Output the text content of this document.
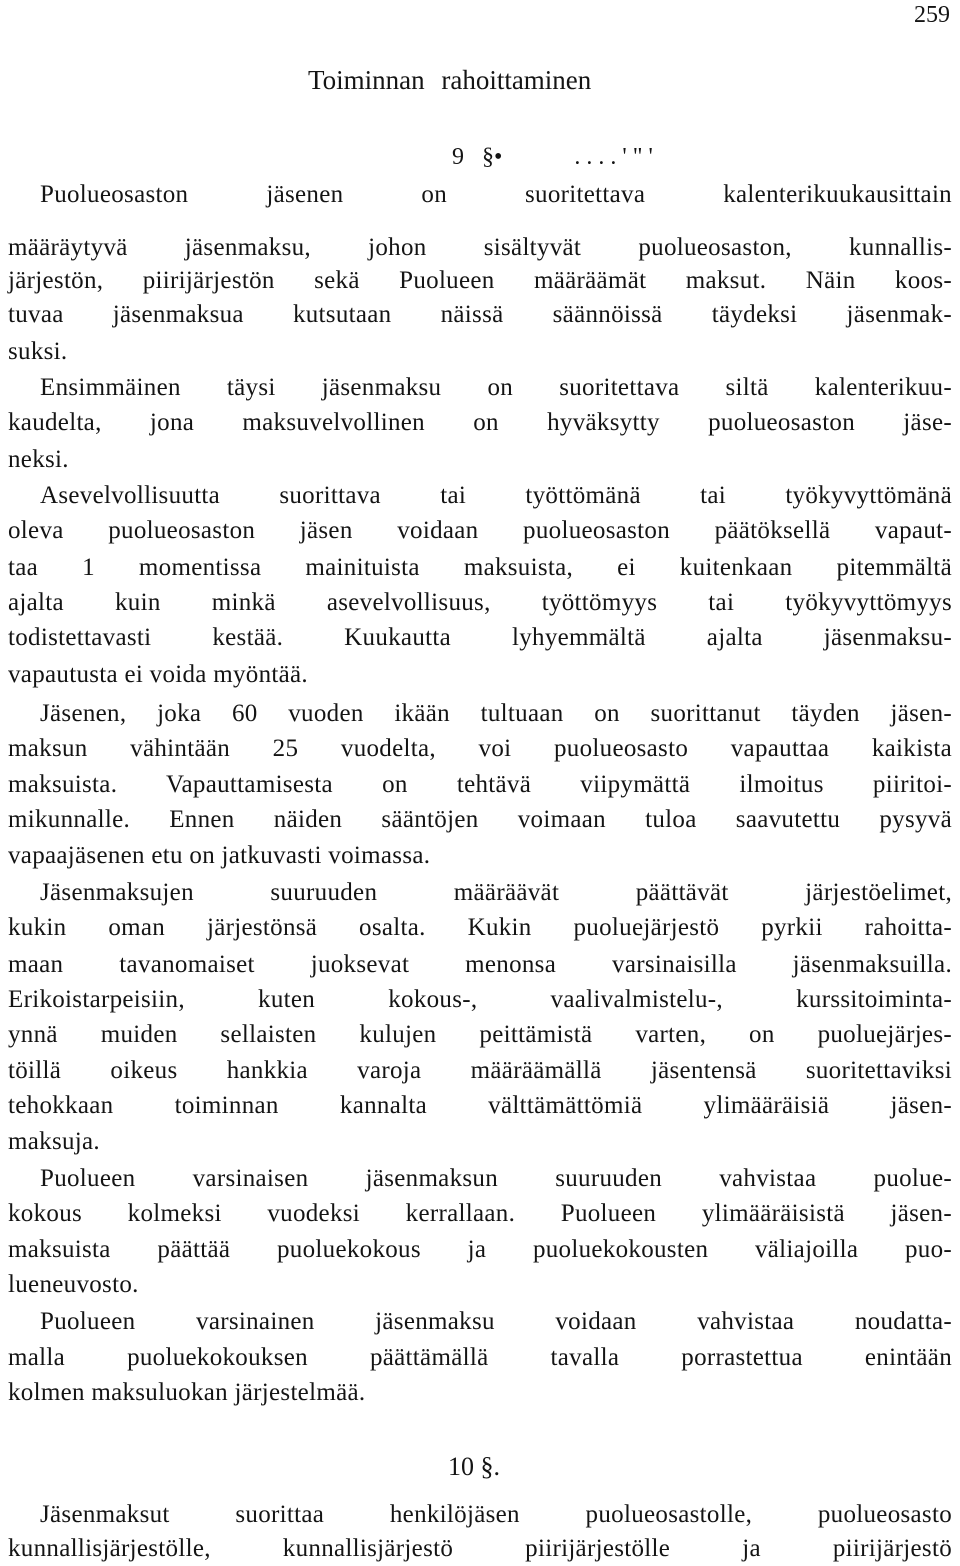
259
Toiminnan rahoittaminen
9   §•            . . . . ' " '
Puolueosaston jäsenen on suoritettava kalenterikuukausittain
määräytyvä jäsenmaksu, johon sisältyvät puolueosaston, kunnallis-
järjestön, piirijärjestön sekä Puolueen määräämät maksut. Näin koos-
tuvaa jäsenmaksua kutsutaan näissä säännöissä täydeksi jäsenmak-
suksi.
Ensimmäinen täysi jäsenmaksu on suoritettava siltä kalenterikuu-
kaudelta, jona maksuvelvollinen on hyväksytty puolueosaston jäse-
neksi.
Asevelvollisuutta suorittava tai työttömänä tai työkyvyttömänä
oleva puolueosaston jäsen voidaan puolueosaston päätöksellä vapaut-
taa 1 momentissa mainituista maksuista, ei kuitenkaan pitemmältä
ajalta kuin minkä asevelvollisuus, työttömyys tai työkyvyttömyys
todistettavasti kestää. Kuukautta lyhyemmältä ajalta jäsenmaksu-
vapautusta ei voida myöntää.
Jäsenen, joka 60 vuoden ikään tultuaan on suorittanut täyden jäsen-
maksun vähintään 25 vuodelta, voi puolueosasto vapauttaa kaikista
maksuista. Vapauttamisesta on tehtävä viipymättä ilmoitus piiritoi-
mikunnalle. Ennen näiden sääntöjen voimaan tuloa saavutettu pysyvä
vapaajäsenen etu on jatkuvasti voimassa.
Jäsenmaksujen suuruuden määräävät päättävät järjestöelimet,
kukin oman järjestönsä osalta. Kukin puoluejärjestö pyrkii rahoitta-
maan tavanomaiset juoksevat menonsa varsinaisilla jäsenmaksuilla.
Erikoistarpeisiin, kuten kokous-, vaalivalmistelu-, kurssitoiminta-
ynnä muiden sellaisten kulujen peittämistä varten, on puoluejärjes-
töillä oikeus hankkia varoja määräämällä jäsentensä suoritettaviksi
tehokkaan toiminnan kannalta välttämättömiä ylimääräisiä jäsen-
maksuja.
Puolueen varsinaisen jäsenmaksun suuruuden vahvistaa puolue-
kokous kolmeksi vuodeksi kerrallaan. Puolueen ylimääräisistä jäsen-
maksuista päättää puoluekokous ja puoluekokousten väliajoilla puo-
lueneuvosto.
Puolueen varsinainen jäsenmaksu voidaan vahvistaa noudatta-
malla puoluekokouksen päättämällä tavalla porrastettua enintään
kolmen maksuluokan järjestelmää.
10 §.
Jäsenmaksut suorittaa henkilöjäsen puolueosastolle, puolueosasto
kunnallisjärjestölle, kunnallisjärjestö piirijärjestölle ja piirijärjestö
